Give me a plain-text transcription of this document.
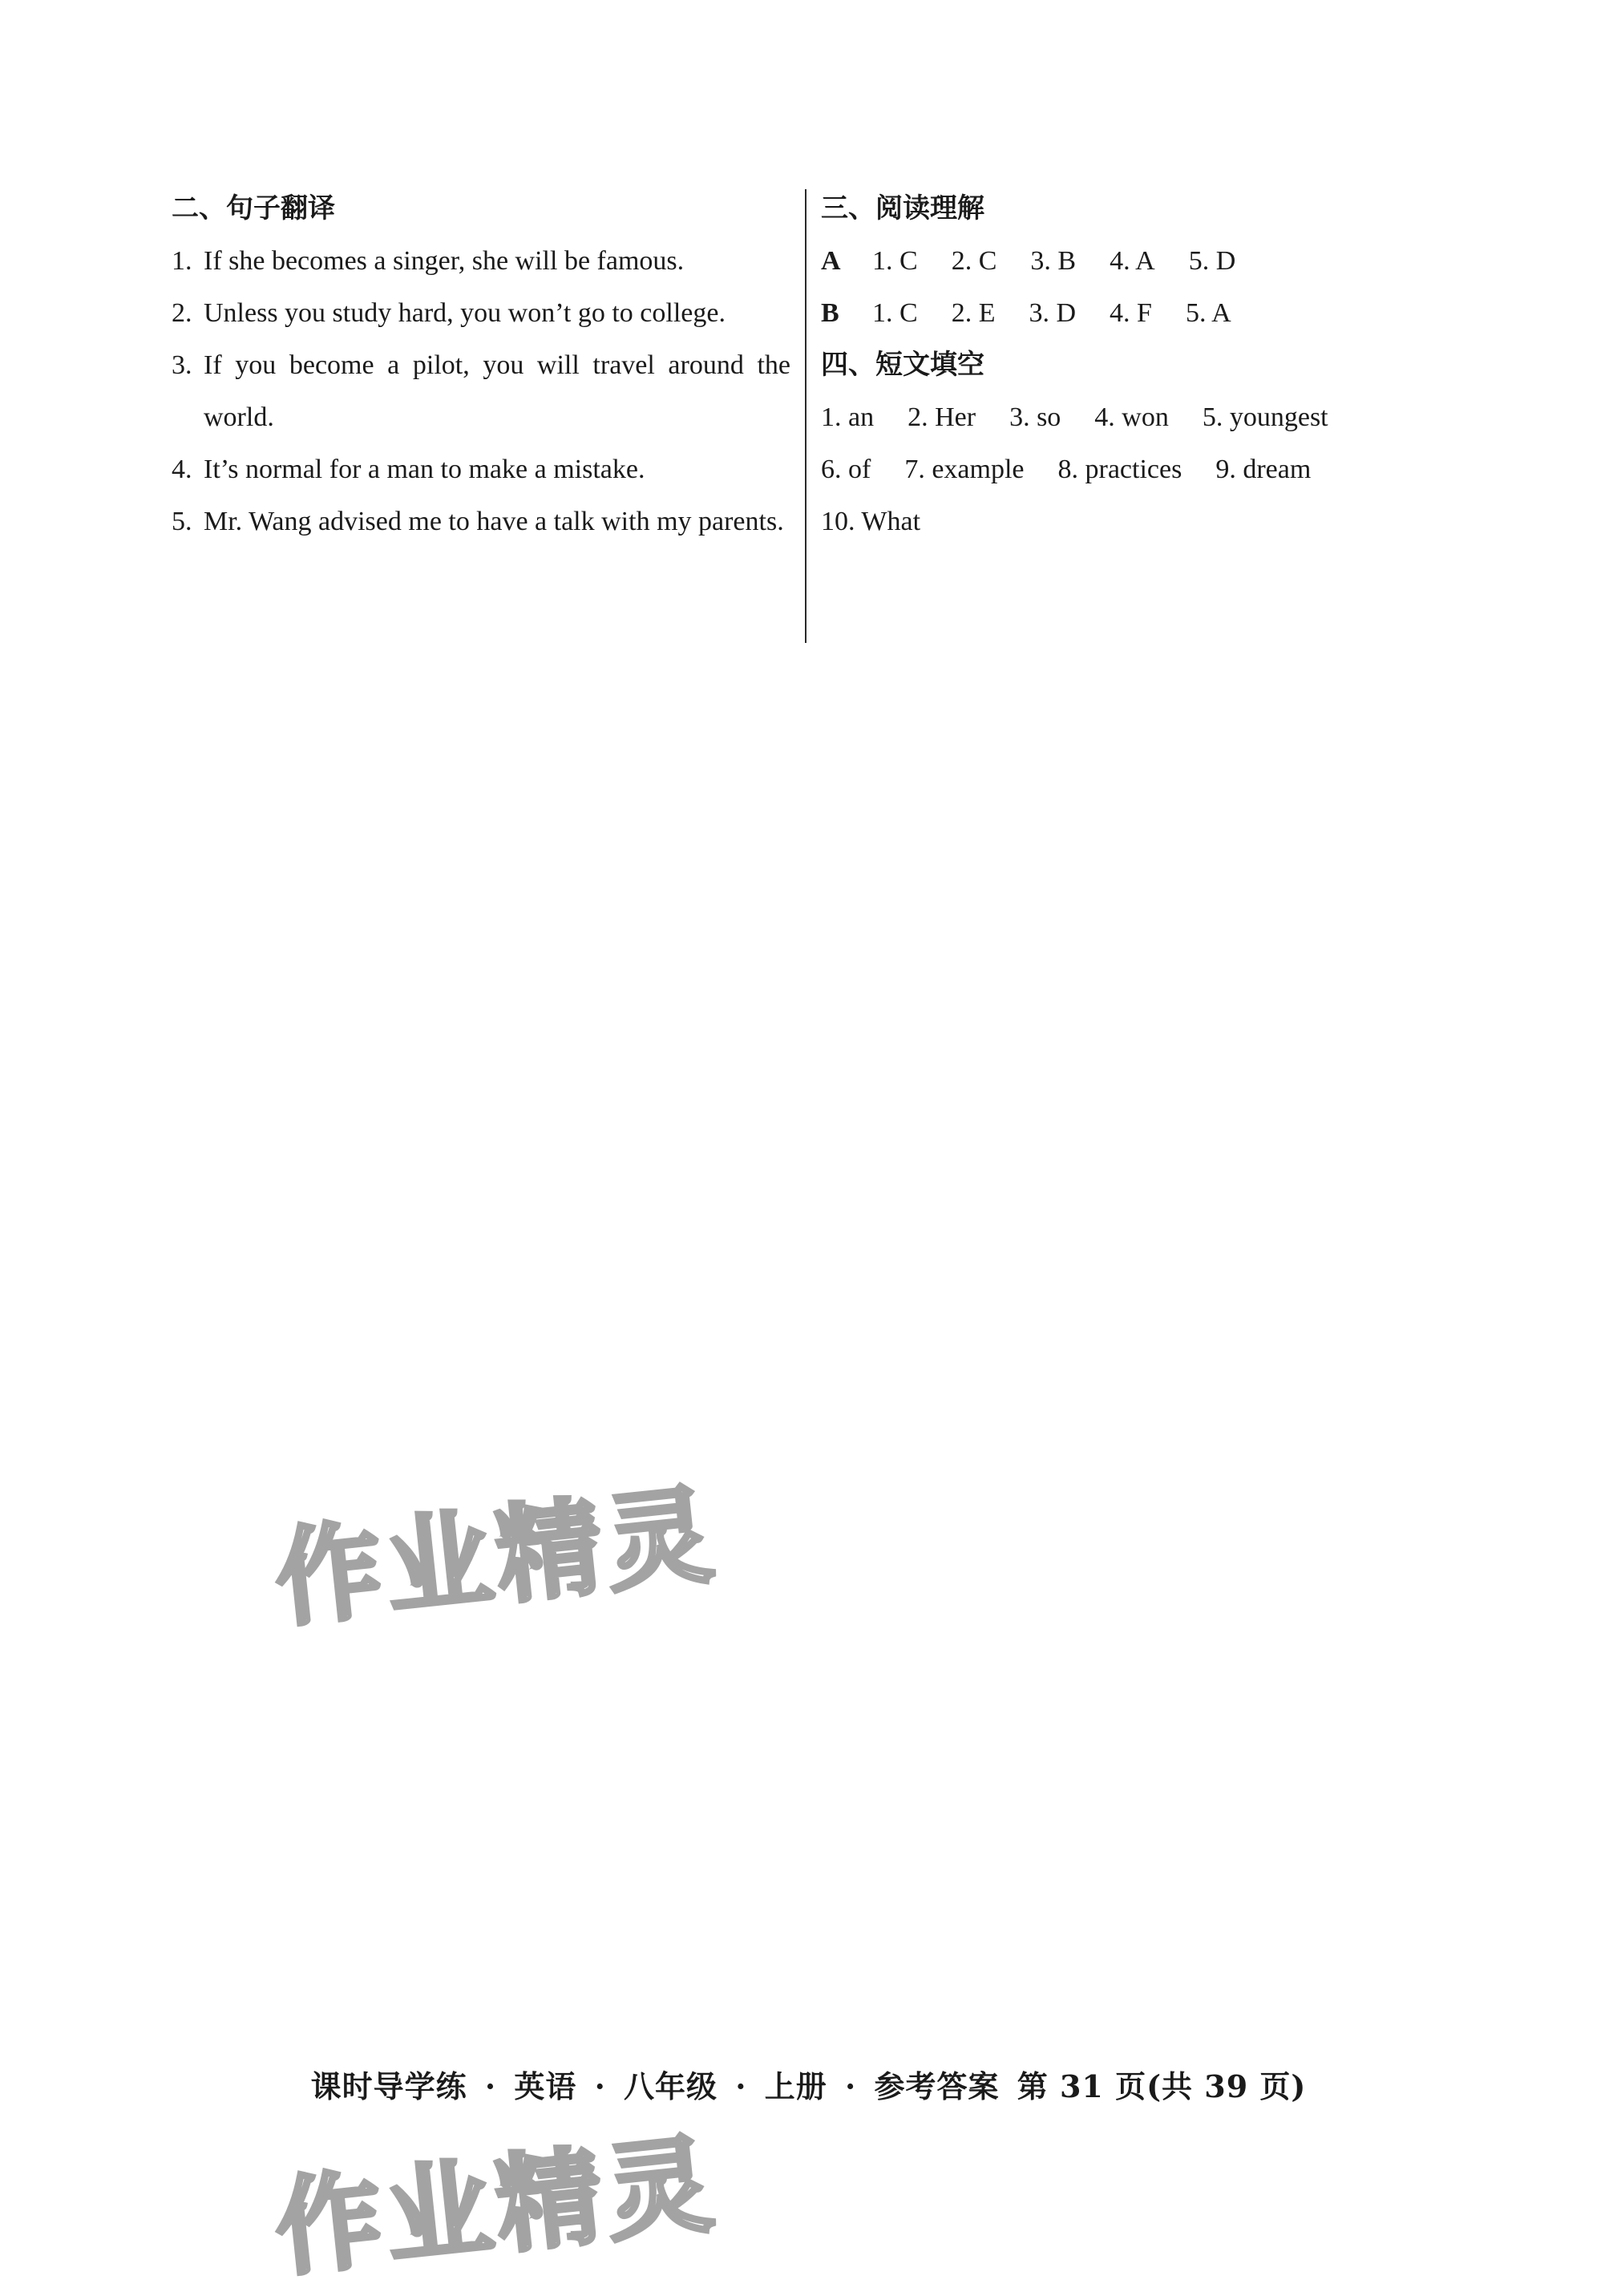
二、句子翻译
1. If she becomes a singer, she will be famous.
2. Unless you study hard, you won’t go to college.
3. If you become a pilot, you will travel around the world.
4. It’s normal for a man to make a mistake.
5. Mr. Wang advised me to have a talk with my parents.
三、阅读理解
A	1. C 2. C 3. B 4. A 5. D
B	1. C 2. E 3. D 4. F 5. A
四、短文填空
1. an 2. Her 3. so 4. won 5. youngest
6. of 7. example 8. practices 9. dream
10. What
作业精灵
课时导学练 · 英语 · 八年级 · 上册 · 参考答案 第 31 页(共 39 页)
作业精灵
